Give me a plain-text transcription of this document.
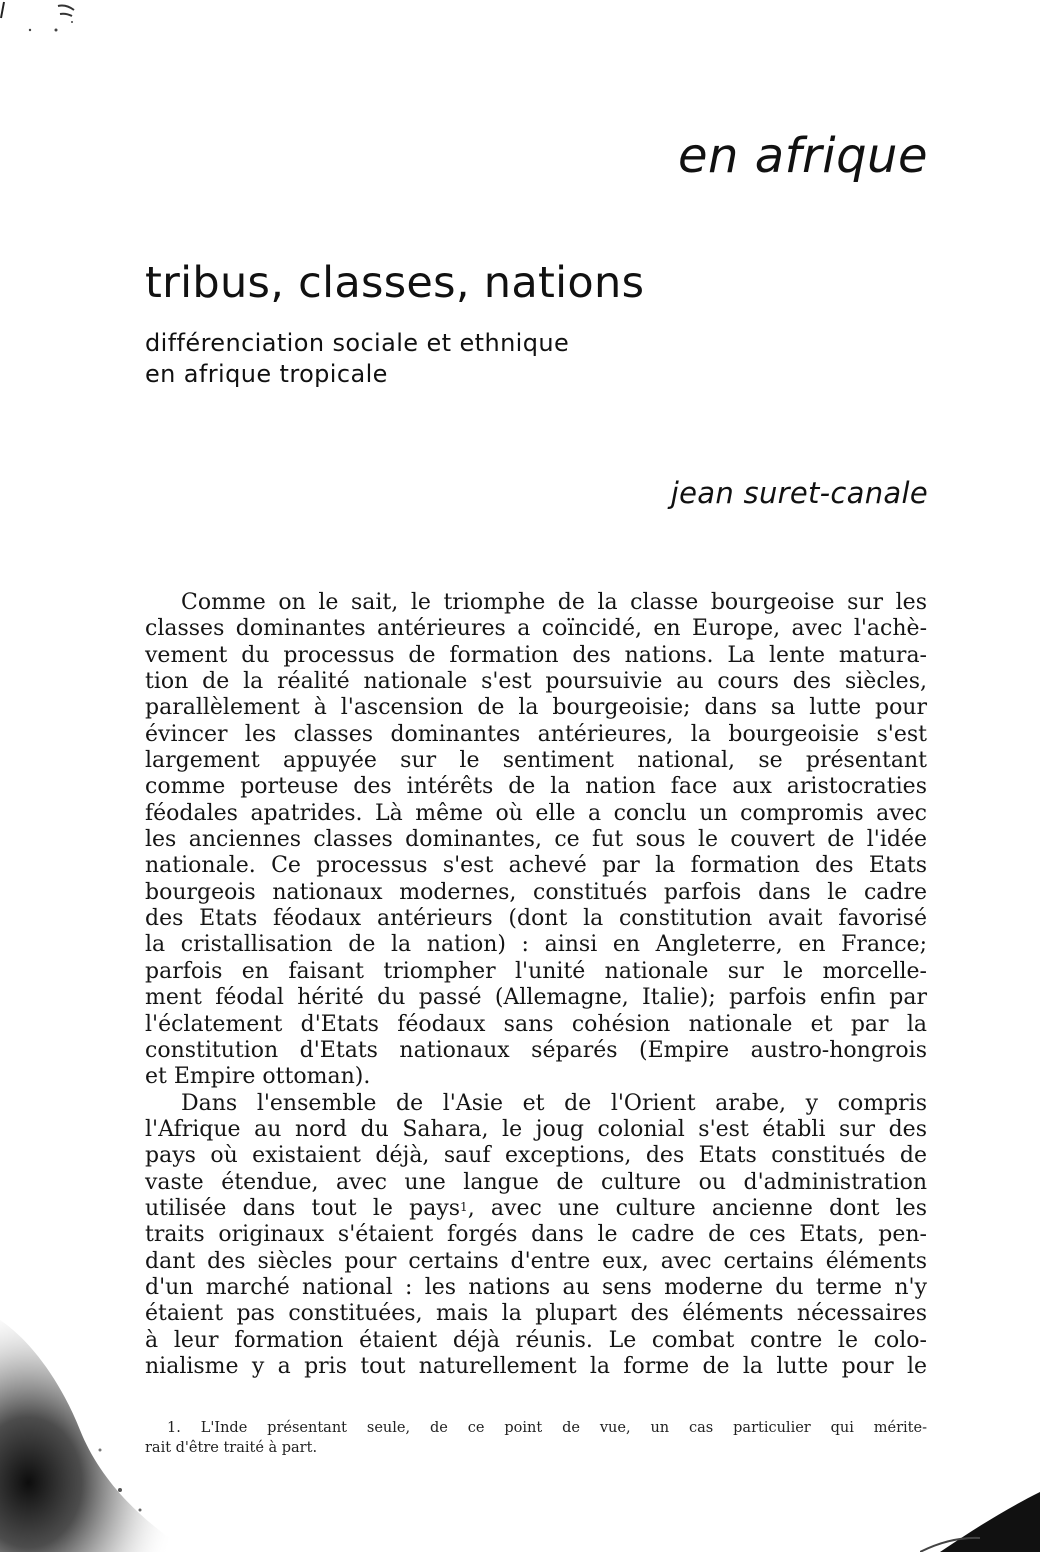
en afrique
tribus, classes, nations
différenciation sociale et ethnique
en afrique tropicale

jean suret-canale

Comme on le sait, le triomphe de la classe bourgeoise sur les
classes dominantes antérieures a coïncidé, en Europe, avec l'achè-
vement du processus de formation des nations. La lente matura-
tion de la réalité nationale s'est poursuivie au cours des siècles,
parallèlement à l'ascension de la bourgeoisie; dans sa lutte pour
évincer les classes dominantes antérieures, la bourgeoisie s'est
largement appuyée sur le sentiment national, se présentant
comme porteuse des intérêts de la nation face aux aristocraties
féodales apatrides. Là même où elle a conclu un compromis avec
les anciennes classes dominantes, ce fut sous le couvert de l'idée
nationale. Ce processus s'est achevé par la formation des Etats
bourgeois nationaux modernes, constitués parfois dans le cadre
des Etats féodaux antérieurs (dont la constitution avait favorisé
la cristallisation de la nation) : ainsi en Angleterre, en France;
parfois en faisant triompher l'unité nationale sur le morcelle-
ment féodal hérité du passé (Allemagne, Italie); parfois enfin par
l'éclatement d'Etats féodaux sans cohésion nationale et par la
constitution d'Etats nationaux séparés (Empire austro-hongrois
et Empire ottoman).
Dans l'ensemble de l'Asie et de l'Orient arabe, y compris
l'Afrique au nord du Sahara, le joug colonial s'est établi sur des
pays où existaient déjà, sauf exceptions, des Etats constitués de
vaste étendue, avec une langue de culture ou d'administration
utilisée dans tout le pays$^1$, avec une culture ancienne dont les
traits originaux s'étaient forgés dans le cadre de ces Etats, pen-
dant des siècles pour certains d'entre eux, avec certains éléments
d'un marché national : les nations au sens moderne du terme n'y
étaient pas constituées, mais la plupart des éléments nécessaires
à leur formation étaient déjà réunis. Le combat contre le colo-
nialisme y a pris tout naturellement la forme de la lutte pour le
1. L'Inde présentant seule, de ce point de vue, un cas particulier qui mérite-
rait d'être traité à part.
